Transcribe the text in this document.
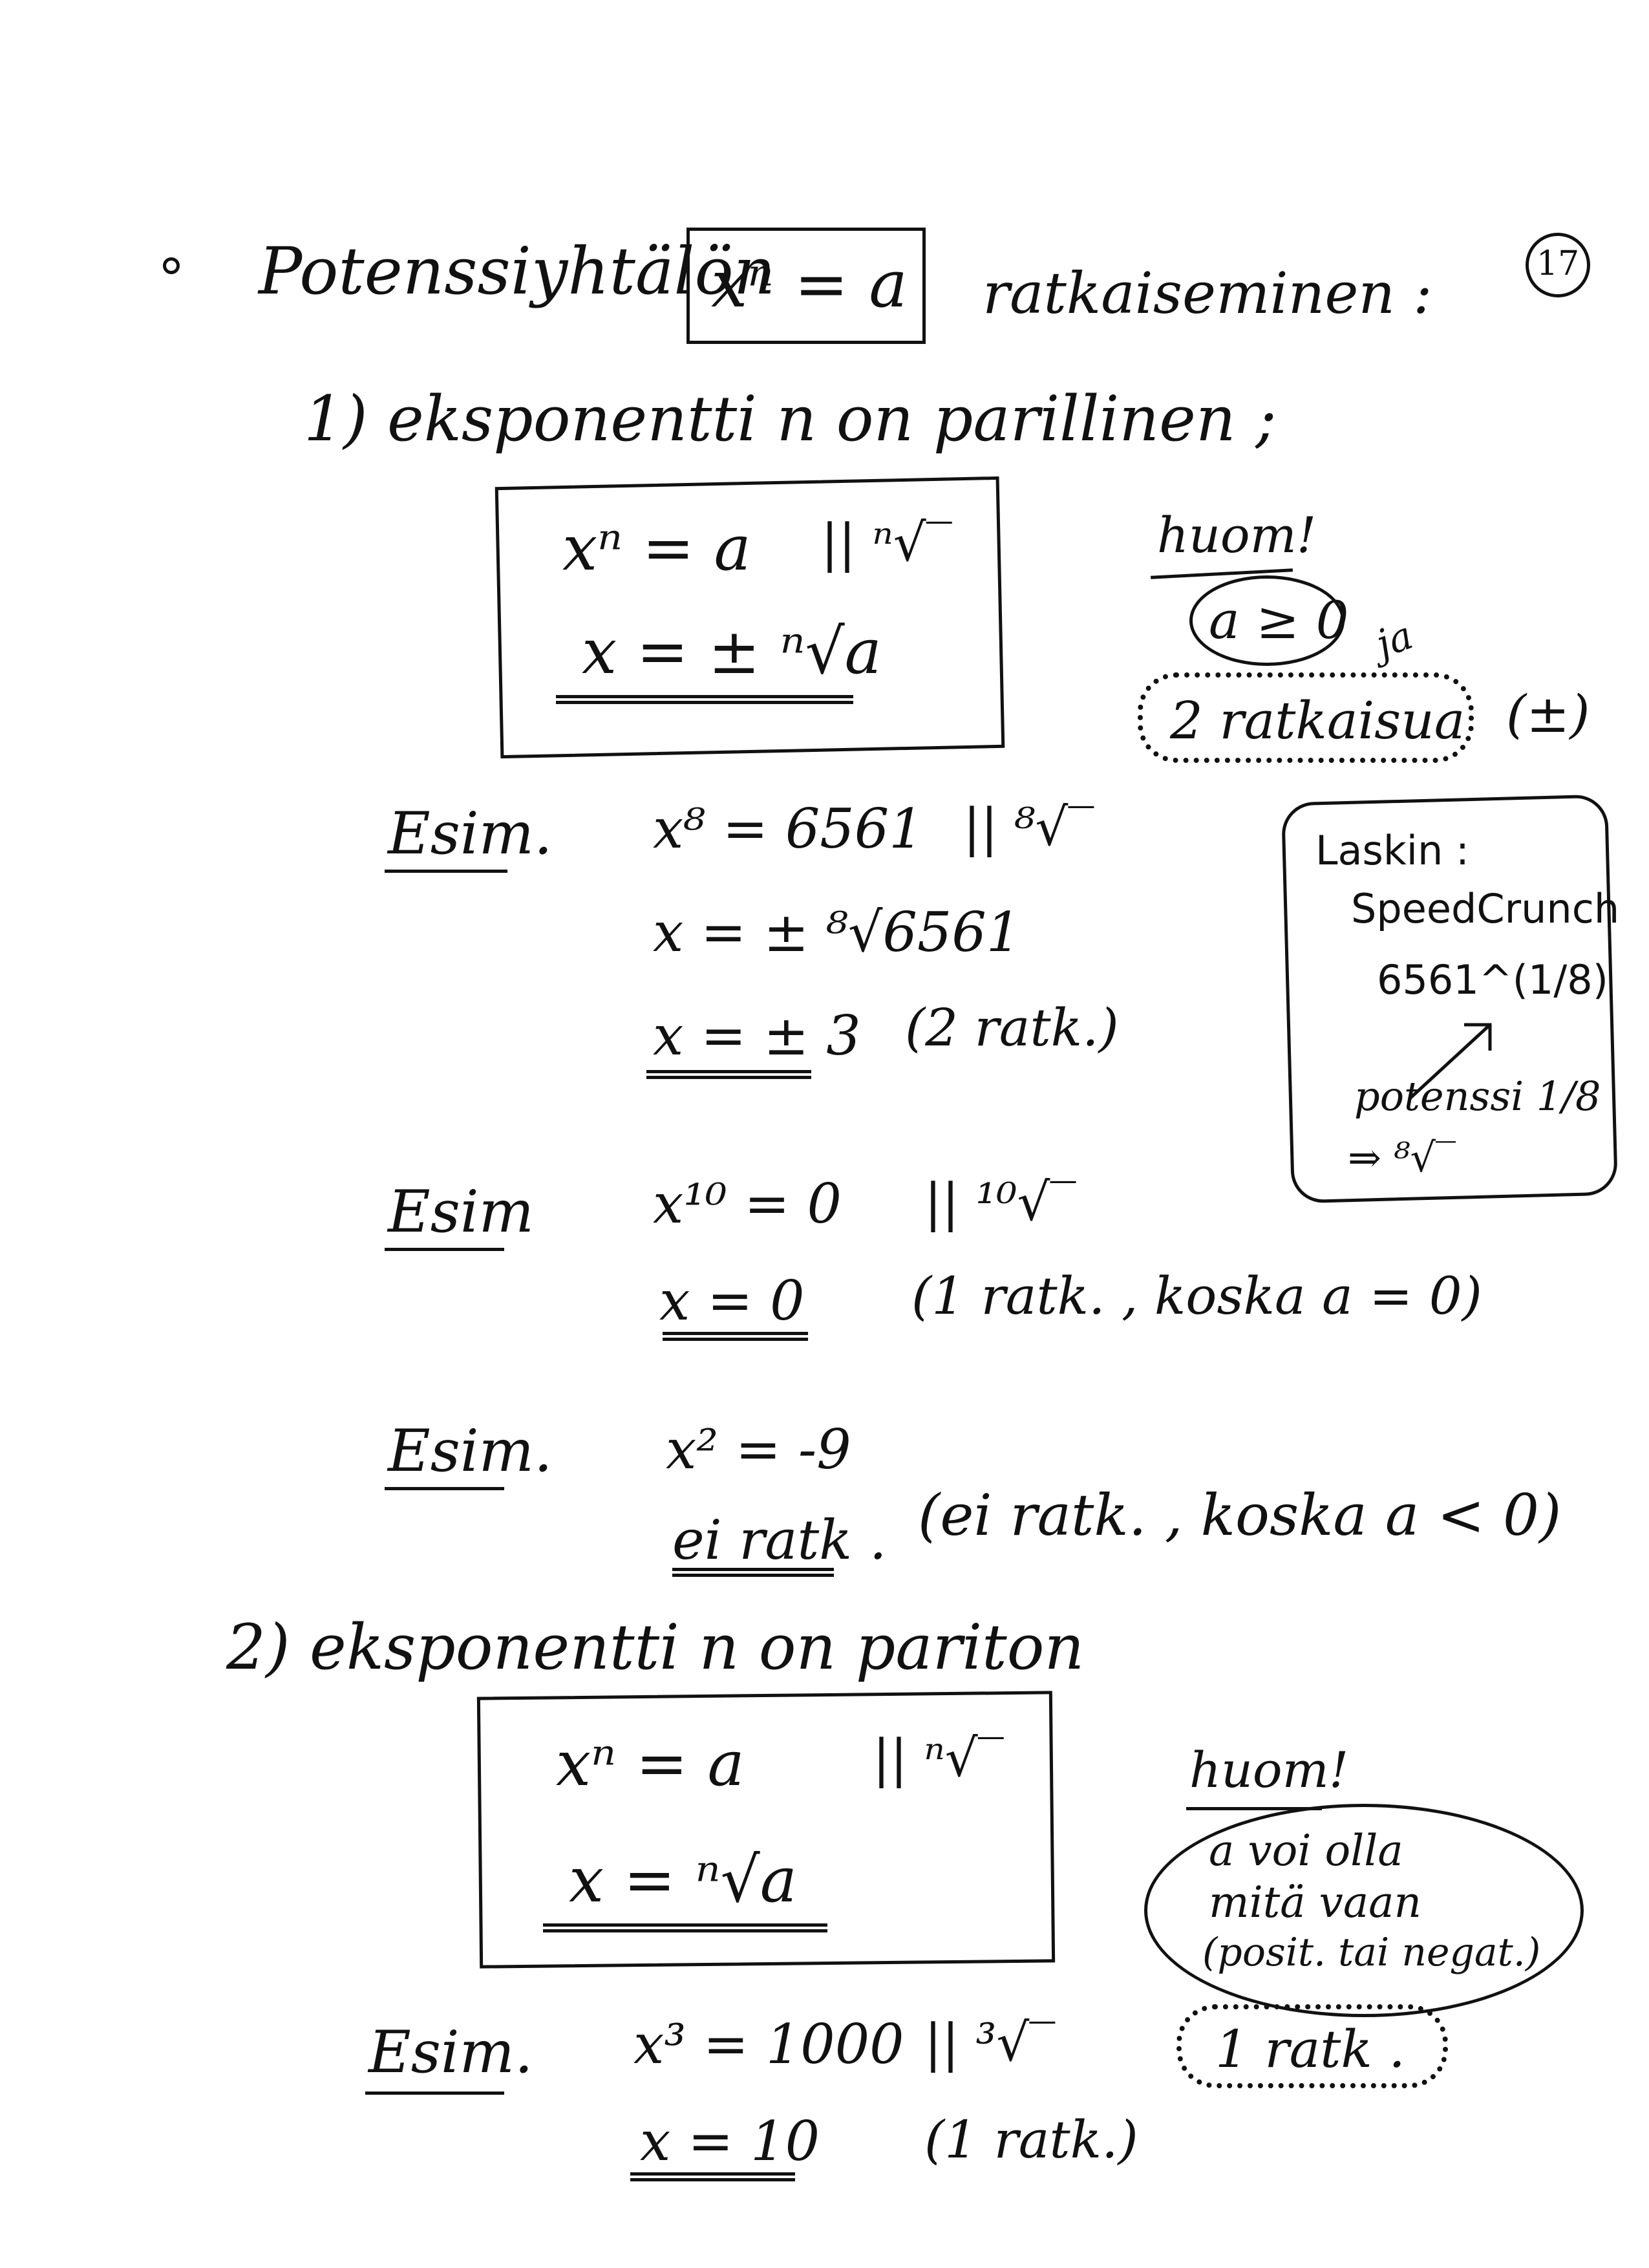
17
Potenssiyhtälön
xⁿ = a ratkaiseminen :
1) eksponentti n on parillinen ;
xⁿ = a || ⁿ√‾
x = ± ⁿ√a
huom!
a ≥ 0 ja
2 ratkaisua (±)
Esim. x⁸ = 6561 || ⁸√‾
x = ± ⁸√6561
x = ± 3 (2 ratk.)
Laskin :
SpeedCrunch
6561^(1/8)
potenssi 1/8
⇒ ⁸√‾
Esim x¹⁰ = 0 || ¹⁰√‾
x = 0 (1 ratk. , koska a = 0)
Esim. x² = -9
ei ratk . (ei ratk. , koska a < 0)
2) eksponentti n on pariton
xⁿ = a || ⁿ√‾
x = ⁿ√a
huom!
a voi olla
mitä vaan
(posit. tai negat.)
1 ratk .
Esim. x³ = 1000 || ³√‾
x = 10 (1 ratk.)
